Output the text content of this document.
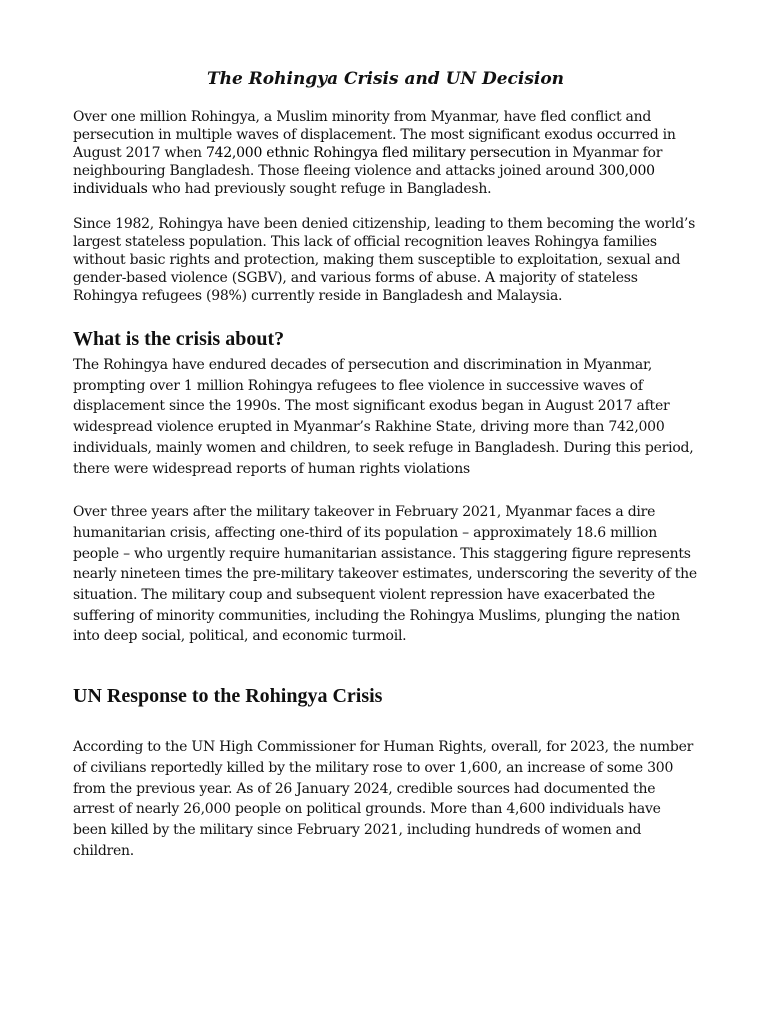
The Rohingya Crisis and UN Decision

Over one million Rohingya, a Muslim minority from Myanmar, have fled conflict and persecution in multiple waves of displacement. The most significant exodus occurred in August 2017 when 742,000 ethnic Rohingya fled military persecution in Myanmar for neighbouring Bangladesh. Those fleeing violence and attacks joined around 300,000 individuals who had previously sought refuge in Bangladesh.

Since 1982, Rohingya have been denied citizenship, leading to them becoming the world’s largest stateless population. This lack of official recognition leaves Rohingya families without basic rights and protection, making them susceptible to exploitation, sexual and gender-based violence (SGBV), and various forms of abuse. A majority of stateless Rohingya refugees (98%) currently reside in Bangladesh and Malaysia.

What is the crisis about?

The Rohingya have endured decades of persecution and discrimination in Myanmar, prompting over 1 million Rohingya refugees to flee violence in successive waves of displacement since the 1990s. The most significant exodus began in August 2017 after widespread violence erupted in Myanmar’s Rakhine State, driving more than 742,000 individuals, mainly women and children, to seek refuge in Bangladesh. During this period, there were widespread reports of human rights violations

Over three years after the military takeover in February 2021, Myanmar faces a dire humanitarian crisis, affecting one-third of its population – approximately 18.6 million people – who urgently require humanitarian assistance. This staggering figure represents nearly nineteen times the pre-military takeover estimates, underscoring the severity of the situation. The military coup and subsequent violent repression have exacerbated the suffering of minority communities, including the Rohingya Muslims, plunging the nation into deep social, political, and economic turmoil.

UN Response to the Rohingya Crisis

According to the UN High Commissioner for Human Rights, overall, for 2023, the number of civilians reportedly killed by the military rose to over 1,600, an increase of some 300 from the previous year. As of 26 January 2024, credible sources had documented the arrest of nearly 26,000 people on political grounds. More than 4,600 individuals have been killed by the military since February 2021, including hundreds of women and children.
